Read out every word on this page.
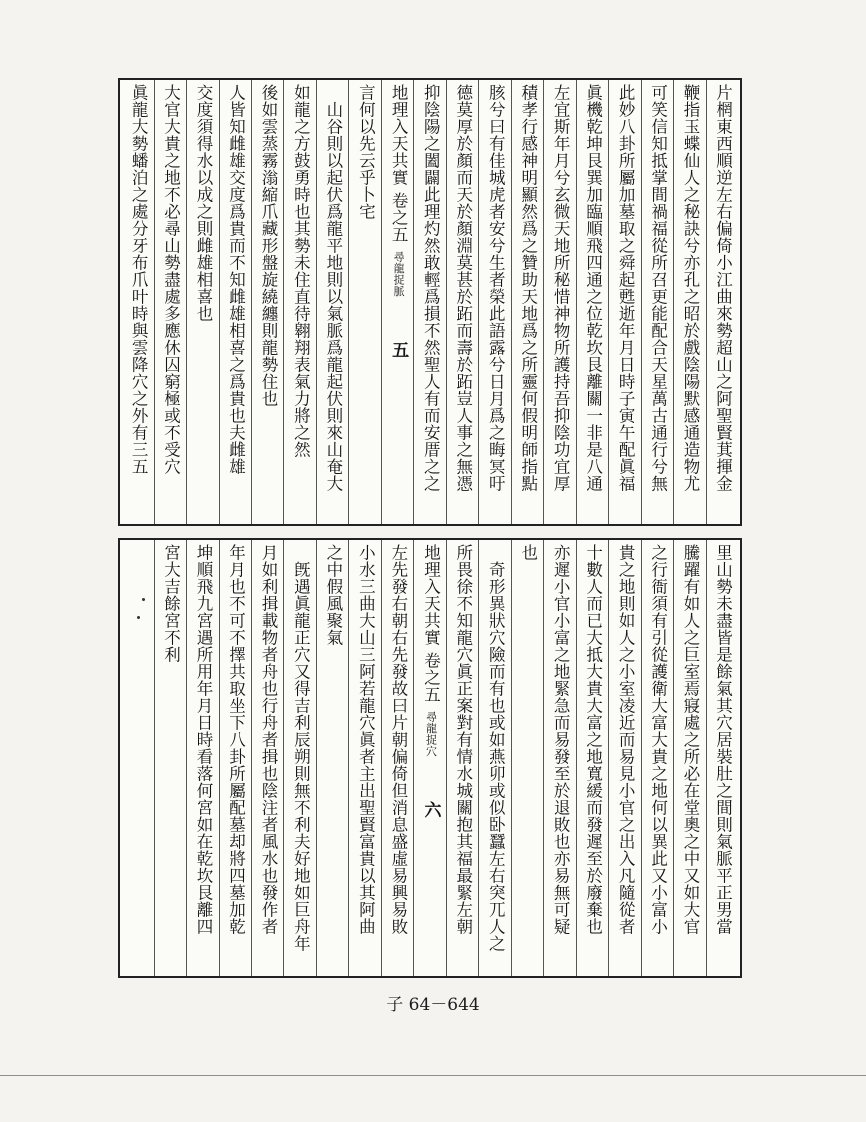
片棢東西順逆左右偏倚小江曲來勢超山之阿聖賢萁揮金
鞭指玉蝶仙人之秘訣兮亦孔之昭於戲陰陽默感通造物尤
可笑信知抵掌間禍福從所召更能配合天星萬古通行兮無
此妙八卦所屬加墓取之舜起甦逝年月日時子寅午配眞福
眞機乾坤艮巽加臨順飛四通之位乾坎艮離關一非是八通
左宜斯年月兮玄微天地所秘惜神物所護持吾抑陰功宜厚
積孝行感神明顯然爲之贊助天地爲之所靈何假明師指點
胲兮曰有佳城虎者安兮生者榮此語露兮日月爲之晦冥吁
德莫厚於顏而天於顏淵莫甚於跖而壽於跖豈人事之無憑
抑陰陽之闔闢此理灼然敢輕爲損不然聖人有而安厝之之
地理入天共實卷之五尋龍捉脈五
言何以先云乎卜宅
　山谷則以起伏爲龍平地則以氣脈爲龍起伏則來山奄大
如龍之方鼓勇時也其勢未住直待翱翔表氣力將之然
後如雲蒸霧滃縮爪藏形盤旋繞纏則龍勢住也
人皆知雌雄交度爲貴而不知雌雄相喜之爲貴也夫雌雄
交度須得水以成之則雌雄相喜也
大官大貴之地不必尋山勢盡處多應休囚窮極或不受穴
眞龍大勢蟠泊之處分牙布爪叶時與雲降穴之外有三五
里山勢未盡皆是餘氣其穴居裝肚之間則氣脈平正男當
騰躍有如人之巨室焉寢處之所必在堂奧之中又如大官
之行衙須有引從護衛大富大貴之地何以異此又小富小
貴之地則如人之小室凌近而易見小官之出入凡隨從者
十數人而已大抵大貴大富之地寬緩而發遲至於廢棄也
亦遲小官小富之地緊急而易發至於退敗也亦易無可疑
也
　奇形異狀穴險而有也或如燕卯或似卧蠶左右突兀人之
所畏徐不知龍穴眞正案對有情水城關抱其福最緊左朝
地理入天共實卷之五尋龍捉穴六
左先發右朝右先發故曰片朝偏倚但消息盛虛易興易敗
小水三曲大山三阿若龍穴眞者主出聖賢富貴以其阿曲
之中假風聚氣
　旣遇眞龍正穴又得吉利辰朔則無不利夫好地如巨舟年
月如利揖載物者舟也行舟者揖也陰注者風水也發作者
年月也不可不擇共取坐下八卦所屬配墓却將四墓加乾
坤順飛九宮遇所用年月日時看落何宮如在乾坎艮離四
宮大吉餘宮不利
子 64－644
